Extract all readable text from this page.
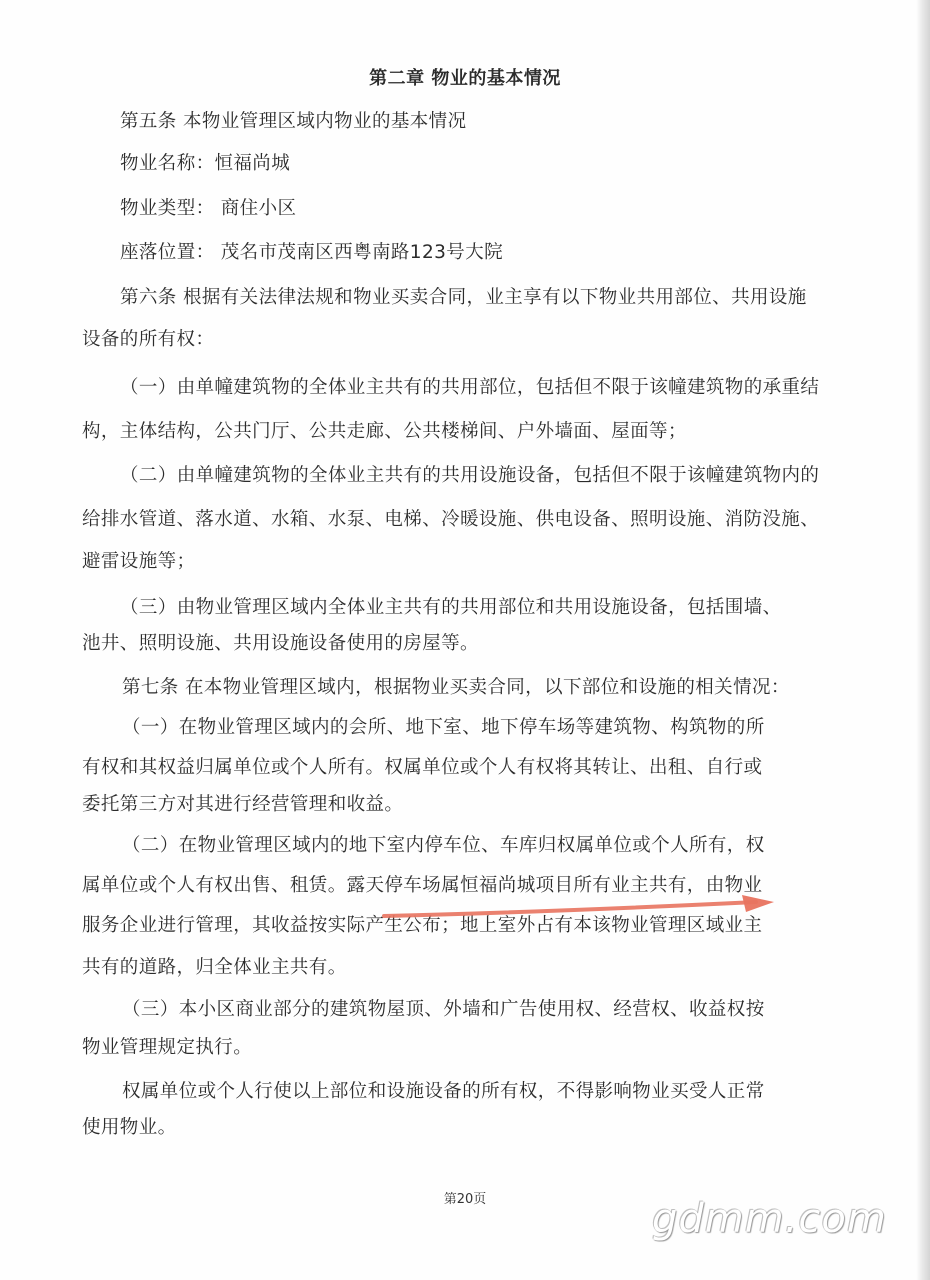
第二章 物业的基本情况
第五条 本物业管理区域内物业的基本情况
物业名称：恒福尚城
物业类型： 商住小区
座落位置： 茂名市茂南区西粤南路123号大院
第六条 根据有关法律法规和物业买卖合同，业主享有以下物业共用部位、共用设施
设备的所有权：
（一）由单幢建筑物的全体业主共有的共用部位，包括但不限于该幢建筑物的承重结
构，主体结构，公共门厅、公共走廊、公共楼梯间、户外墙面、屋面等；
（二）由单幢建筑物的全体业主共有的共用设施设备，包括但不限于该幢建筑物内的
给排水管道、落水道、水箱、水泵、电梯、冷暖设施、供电设备、照明设施、消防没施、
避雷设施等；
（三）由物业管理区域内全体业主共有的共用部位和共用设施设备，包括围墙、
池井、照明设施、共用设施设备使用的房屋等。
第七条 在本物业管理区域内，根据物业买卖合同，以下部位和设施的相关情况：
（一）在物业管理区域内的会所、地下室、地下停车场等建筑物、构筑物的所
有权和其权益归属单位或个人所有。权属单位或个人有权将其转让、出租、自行或
委托第三方对其进行经营管理和收益。
（二）在物业管理区域内的地下室内停车位、车库归权属单位或个人所有，权
属单位或个人有权出售、租赁。露天停车场属恒福尚城项目所有业主共有，由物业
服务企业进行管理，其收益按实际产生公布；地上室外占有本该物业管理区域业主
共有的道路，归全体业主共有。
（三）本小区商业部分的建筑物屋顶、外墙和广告使用权、经营权、收益权按
物业管理规定执行。
权属单位或个人行使以上部位和设施设备的所有权，不得影响物业买受人正常
使用物业。
第20页	gdmm.com
